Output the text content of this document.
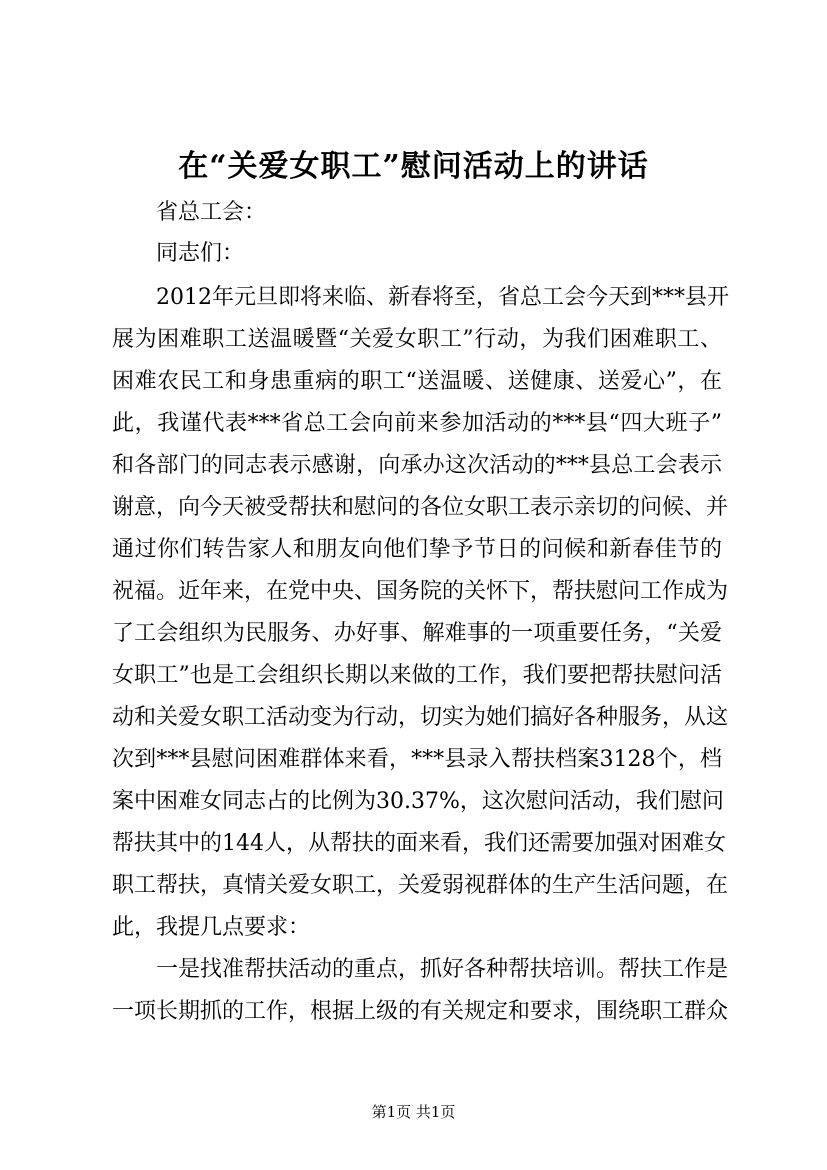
在“关爱女职工”慰问活动上的讲话
省总工会：
同志们：
2012年元旦即将来临、新春将至，省总工会今天到***县开
展为困难职工送温暖暨“关爱女职工”行动，为我们困难职工、
困难农民工和身患重病的职工“送温暖、送健康、送爱心”，在
此，我谨代表***省总工会向前来参加活动的***县“四大班子”
和各部门的同志表示感谢，向承办这次活动的***县总工会表示
谢意，向今天被受帮扶和慰问的各位女职工表示亲切的问候、并
通过你们转告家人和朋友向他们挚予节日的问候和新春佳节的
祝福。近年来，在党中央、国务院的关怀下，帮扶慰问工作成为
了工会组织为民服务、办好事、解难事的一项重要任务，“关爱
女职工”也是工会组织长期以来做的工作，我们要把帮扶慰问活
动和关爱女职工活动变为行动，切实为她们搞好各种服务，从这
次到***县慰问困难群体来看，***县录入帮扶档案3128个，档
案中困难女同志占的比例为30.37%，这次慰问活动，我们慰问
帮扶其中的144人，从帮扶的面来看，我们还需要加强对困难女
职工帮扶，真情关爱女职工，关爱弱视群体的生产生活问题，在
此，我提几点要求：
一是找准帮扶活动的重点，抓好各种帮扶培训。帮扶工作是
一项长期抓的工作，根据上级的有关规定和要求，围绕职工群众
第1页 共1页
